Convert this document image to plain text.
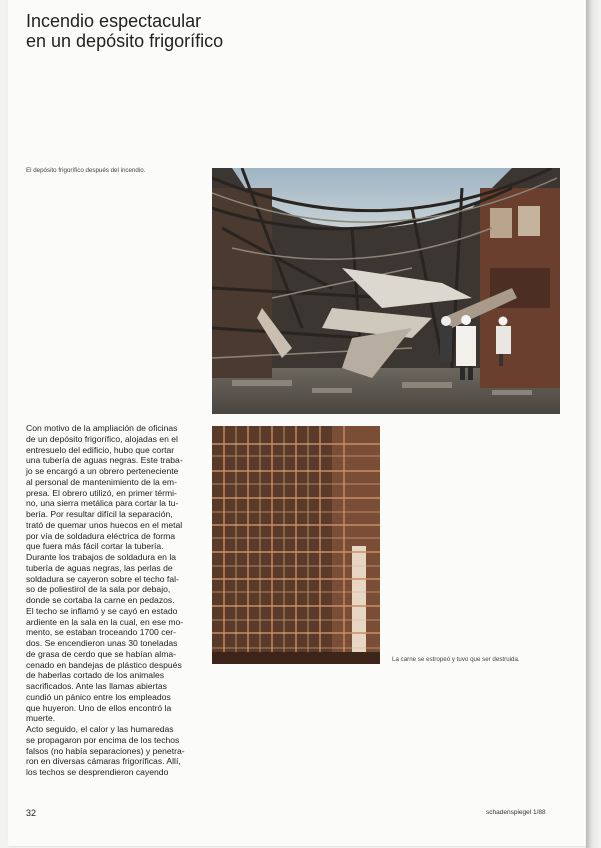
Incendio espectacular
en un depósito frigorífico
El depósito frigorífico después del incendio.
La carne se estropeó y tuvo que ser destruida.

Con motivo de la ampliación de oficinas

de un depósito frigorífico, alojadas en el

entresuelo del edificio, hubo que cortar

una tubería de aguas negras. Este traba-

jo se encargó a un obrero perteneciente

al personal de mantenimiento de la em-

presa. El obrero utilizó, en primer térmi-

no, una sierra metálica para cortar la tu-

bería. Por resultar difícil la separación,

trató de quemar unos huecos en el metal

por vía de soldadura eléctrica de forma

que fuera más fácil cortar la tubería.

Durante los trabajos de soldadura en la

tubería de aguas negras, las perlas de

soldadura se cayeron sobre el techo fal-

so de poliestirol de la sala por debajo,

donde se cortaba la carne en pedazos.

El techo se inflamó y se cayó en estado

ardiente en la sala en la cual, en ese mo-

mento, se estaban troceando 1700 cer-

dos. Se encendieron unas 30 toneladas

de grasa de cerdo que se habían alma-

cenado en bandejas de plástico después

de haberlas cortado de los animales

sacrificados. Ante las llamas abiertas

cundió un pánico entre los empleados

que huyeron. Uno de ellos encontró la

muerte.

Acto seguido, el calor y las humaredas

se propagaron por encima de los techos

falsos (no había separaciones) y penetra-

ron en diversas cámaras frigoríficas. Allí,

los techos se desprendieron cayendo

32	schadenspiegel 1/88
